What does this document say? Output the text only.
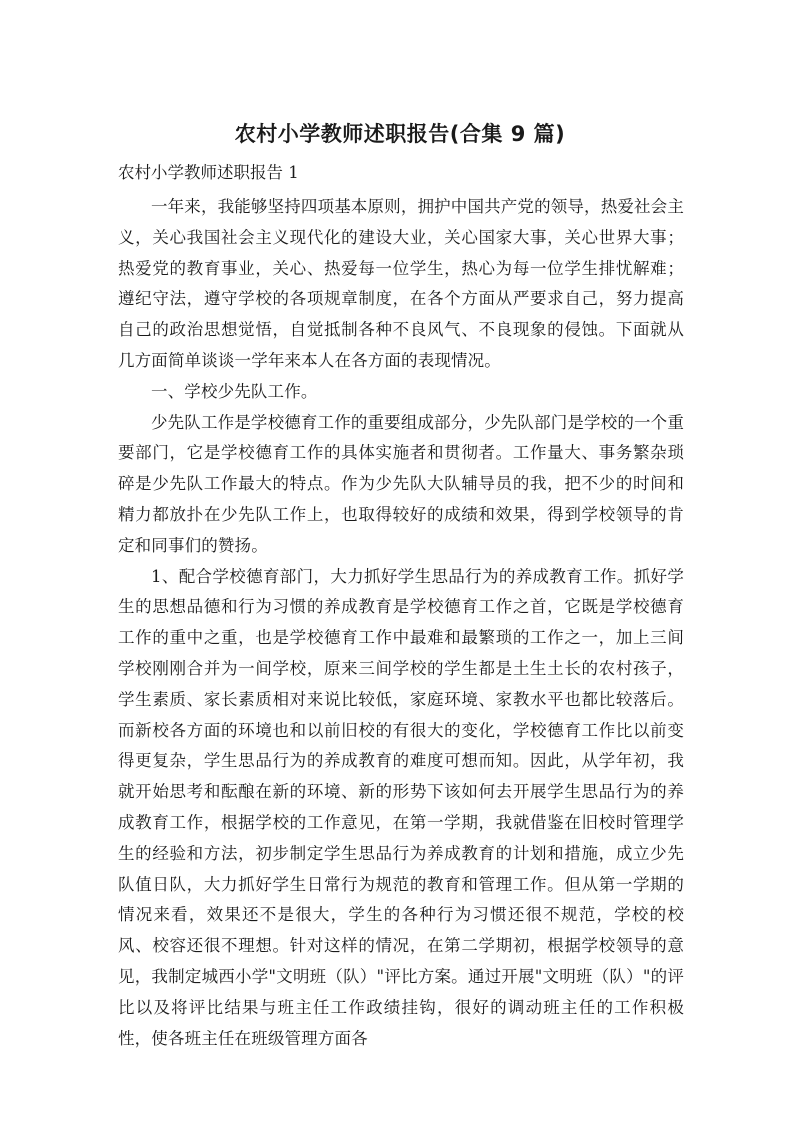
农村小学教师述职报告(合集 9 篇)
农村小学教师述职报告 1

一年来，我能够坚持四项基本原则，拥护中国共产党的领导，热爱社会主义，关心我国社会主义现代化的建设大业，关心国家大事，关心世界大事；热爱党的教育事业，关心、热爱每一位学生，热心为每一位学生排忧解难；遵纪守法，遵守学校的各项规章制度，在各个方面从严要求自己，努力提高自己的政治思想觉悟，自觉抵制各种不良风气、不良现象的侵蚀。下面就从几方面简单谈谈一学年来本人在各方面的表现情况。

一、学校少先队工作。

少先队工作是学校德育工作的重要组成部分，少先队部门是学校的一个重要部门，它是学校德育工作的具体实施者和贯彻者。工作量大、事务繁杂琐碎是少先队工作最大的特点。作为少先队大队辅导员的我，把不少的时间和精力都放扑在少先队工作上，也取得较好的成绩和效果，得到学校领导的肯定和同事们的赞扬。

1、配合学校德育部门，大力抓好学生思品行为的养成教育工作。抓好学生的思想品德和行为习惯的养成教育是学校德育工作之首，它既是学校德育工作的重中之重，也是学校德育工作中最难和最繁琐的工作之一，加上三间学校刚刚合并为一间学校，原来三间学校的学生都是土生土长的农村孩子，学生素质、家长素质相对来说比较低，家庭环境、家教水平也都比较落后。而新校各方面的环境也和以前旧校的有很大的变化，学校德育工作比以前变得更复杂，学生思品行为的养成教育的难度可想而知。因此，从学年初，我就开始思考和酝酿在新的环境、新的形势下该如何去开展学生思品行为的养成教育工作，根据学校的工作意见，在第一学期，我就借鉴在旧校时管理学生的经验和方法，初步制定学生思品行为养成教育的计划和措施，成立少先队值日队，大力抓好学生日常行为规范的教育和管理工作。但从第一学期的情况来看，效果还不是很大，学生的各种行为习惯还很不规范，学校的校风、校容还很不理想。针对这样的情况，在第二学期初，根据学校领导的意见，我制定城西小学"文明班（队）"评比方案。通过开展"文明班（队）"的评比以及将评比结果与班主任工作政绩挂钩，很好的调动班主任的工作积极性，使各班主任在班级管理方面各
